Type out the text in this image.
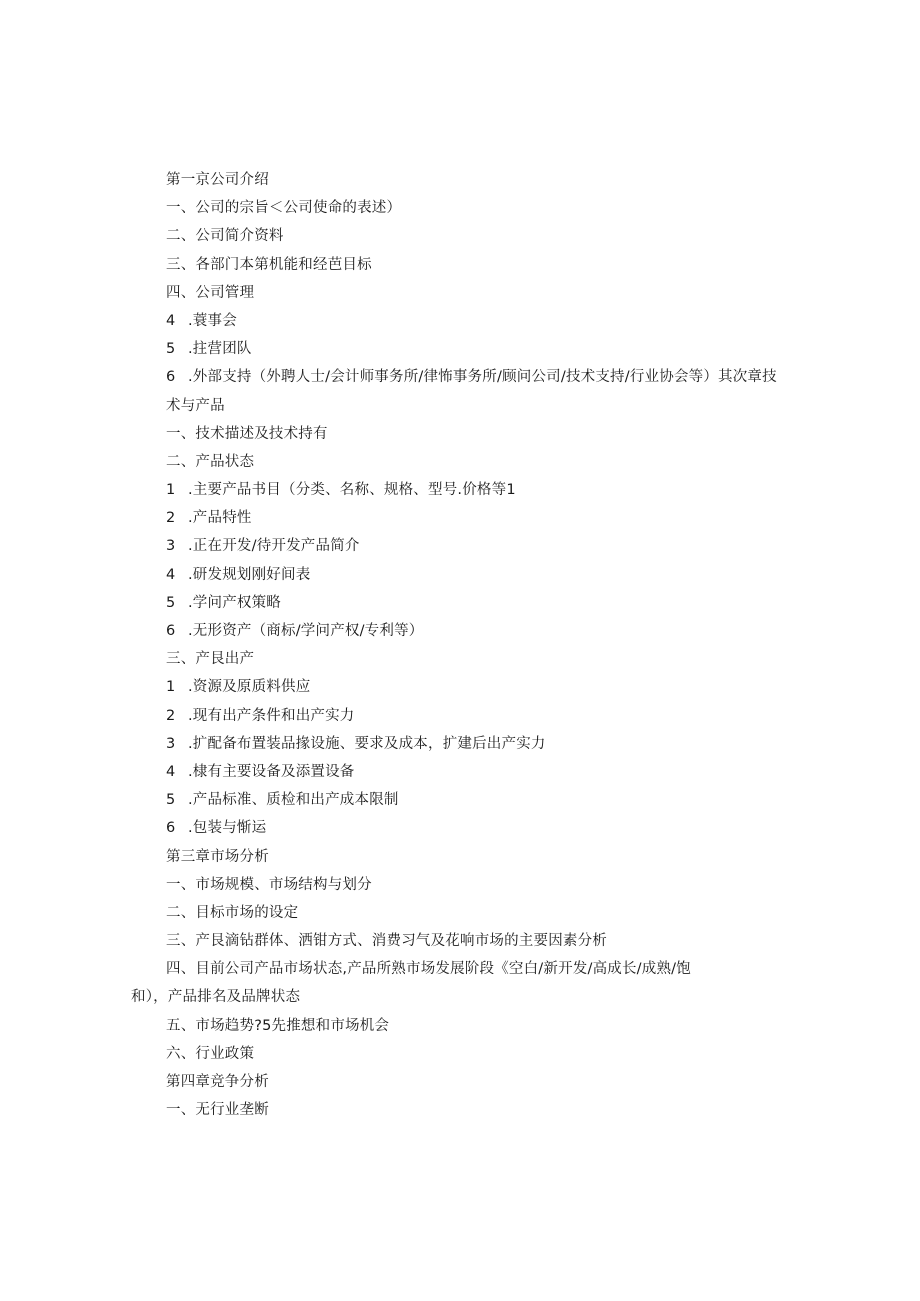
第一京公司介绍
一、公司的宗旨＜公司使命的表述）
二、公司简介资料
三、各部门本第机能和经芭目标
四、公司管理
4 .蓑事会
5 .拄营团队
6 .外部支持（外聘人士/会计师事务所/律怖事务所/顾问公司/技术支持/行业协会等）其次章技
术与产品
一、技术描述及技术持有
二、产品状态
1 .主要产品书目（分类、名称、规格、型号.价格等1
2 .产品特性
3 .正在开发/待开发产品简介
4 .研发规划刚好间表
5 .学问产权策略
6 .无形资产（商标/学问产权/专利等）
三、产艮出产
1 .资源及原质料供应
2 .现有出产条件和出产实力
3 .扩配备布置装品掾设施、要求及成本，扩建后出产实力
4 .棣有主要设备及添置设备
5 .产品标准、质检和出产成本限制
6 .包装与惭运
第三章市场分析
一、市场规模、市场结构与划分
二、目标市场的设定
三、产艮滴钻群体、洒钳方式、消费习气及花响市场的主要因素分析
四、目前公司产品市场状态,产品所熟市场发展阶段《空白/新开发/高成长/成熟/饱
和），产品排名及品牌状态
五、市场趋势?5先推想和市场机会
六、行业政策
第四章竞争分析
一、无行业垄断
